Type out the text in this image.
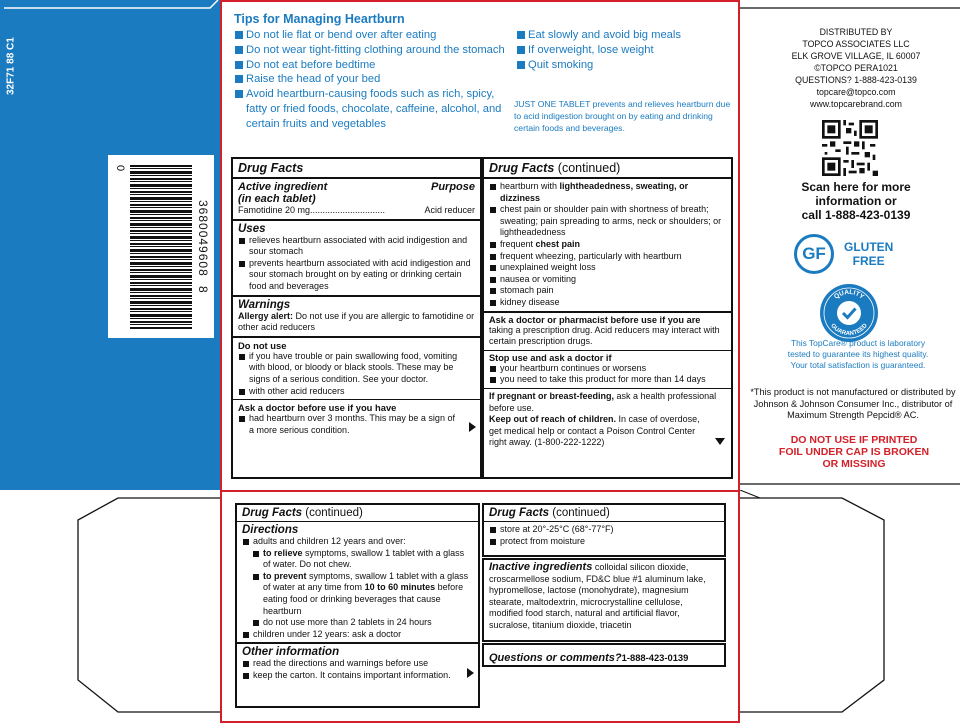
32F71 88 C1
0
3680049608

8
Tips for Managing Heartburn
Do not lie flat or bend over after eating
Do not wear tight-fitting clothing around the stomach
Do not eat before bedtime
Raise the head of your bed
Avoid heartburn-causing foods such as rich, spicy, fatty or fried foods, chocolate, caffeine, alcohol, and certain fruits and vegetables
Eat slowly and avoid big meals
If overweight, lose weight
Quit smoking
JUST ONE TABLET prevents and relieves heartburn due to acid indigestion brought on by eating and drinking certain foods and beverages.
Drug Facts
Active ingredient	Purpose
(in each tablet)
Famotidine 20 mg ..............................	Acid reducer
Uses
relieves heartburn associated with acid indigestion and sour stomach
prevents heartburn associated with acid indigestion and sour stomach brought on by eating or drinking certain food and beverages
Warnings
Allergy alert: Do not use if you are allergic to famotidine or other acid reducers
Do not use
if you have trouble or pain swallowing food, vomiting with blood, or bloody or black stools. These may be signs of a serious condition. See your doctor.
with other acid reducers
Ask a doctor before use if you have
had heartburn over 3 months. This may be a sign of a more serious condition.
Drug Facts (continued)
heartburn with lightheadedness, sweating, or dizziness
chest pain or shoulder pain with shortness of breath; sweating; pain spreading to arms, neck or shoulders; or lightheadedness
frequent chest pain
frequent wheezing, particularly with heartburn
unexplained weight loss
nausea or vomiting
stomach pain
kidney disease
Ask a doctor or pharmacist before use if you are
taking a prescription drug. Acid reducers may interact with certain prescription drugs.
Stop use and ask a doctor if
your heartburn continues or worsens
you need to take this product for more than 14 days
If pregnant or breast-feeding, ask a health professional before use.
Keep out of reach of children. In case of overdose, get medical help or contact a Poison Control Center right away. (1-800-222-1222)
Drug Facts (continued)
Directions
adults and children 12 years and over:
to relieve symptoms, swallow 1 tablet with a glass of water. Do not chew.
to prevent symptoms, swallow 1 tablet with a glass of water at any time from 10 to 60 minutes before eating food or drinking beverages that cause heartburn
do not use more than 2 tablets in 24 hours
children under 12 years: ask a doctor
Other information
read the directions and warnings before use
keep the carton. It contains important information.
Drug Facts (continued)
store at 20°-25°C (68°-77°F)
protect from moisture
Inactive ingredients colloidal silicon dioxide, croscarmellose sodium, FD&C blue #1 aluminum lake, hypromellose, lactose (monohydrate), magnesium stearate, maltodextrin, microcrystalline cellulose, modified food starch, natural and artificial flavor, sucralose, titanium dioxide, triacetin
Questions or comments?1-888-423-0139
DISTRIBUTED BY
TOPCO ASSOCIATES LLC
ELK GROVE VILLAGE, IL 60007
©TOPCO PERA1021
QUESTIONS? 1-888-423-0139
topcare@topco.com
www.topcarebrand.com
Scan here for more
information or
call 1-888-423-0139
GF	GLUTEN
FREE
QUALITY
GUARANTEED
This TopCare® product is laboratory
tested to guarantee its highest quality.
Your total satisfaction is guaranteed.
*This product is not manufactured or distributed by Johnson & Johnson Consumer Inc., distributor of Maximum Strength Pepcid® AC.
DO NOT USE IF PRINTED
FOIL UNDER CAP IS BROKEN
OR MISSING
